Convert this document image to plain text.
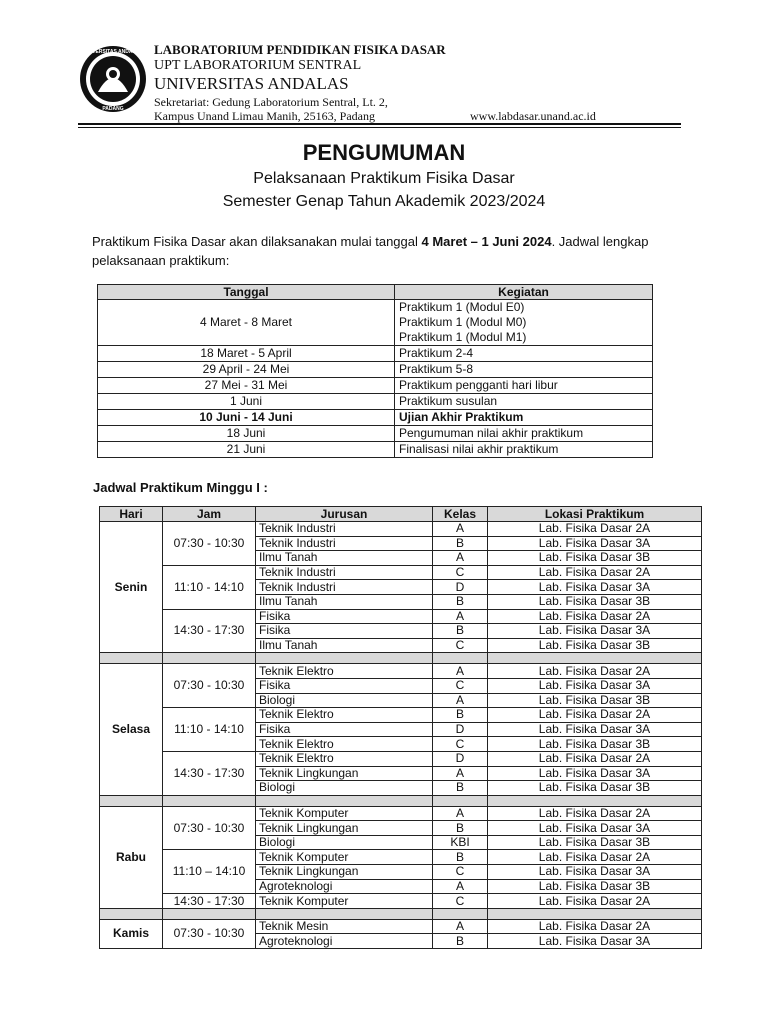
UNIVERSITAS ANDALAS
PADANG
LABORATORIUM PENDIDIKAN FISIKA DASAR
UPT LABORATORIUM SENTRAL
UNIVERSITAS ANDALAS
Sekretariat: Gedung Laboratorium Sentral, Lt. 2,
Kampus Unand Limau Manih, 25163, Padang	www.labdasar.unand.ac.id
PENGUMUMAN
Pelaksanaan Praktikum Fisika Dasar
Semester Genap Tahun Akademik 2023/2024
Praktikum Fisika Dasar akan dilaksanakan mulai tanggal 4 Maret – 1 Juni 2024. Jadwal lengkap pelaksanaan praktikum:
Tanggal	Kegiatan
4 Maret - 8 Maret	Praktikum 1 (Modul E0)
Praktikum 1 (Modul M0)
Praktikum 1 (Modul M1)

18 Maret - 5 April	Praktikum 2-4

29 April - 24 Mei	Praktikum 5-8

27 Mei - 31 Mei	Praktikum pengganti hari libur

1 Juni	Praktikum susulan

10 Juni - 14 Juni	Ujian Akhir Praktikum

18 Juni	Pengumuman nilai akhir praktikum

21 Juni	Finalisasi nilai akhir praktikum
Jadwal Praktikum Minggu I :
Hari	Jam	Jurusan	Kelas	Lokasi Praktikum
Senin	07:30 - 10:30	Teknik Industri	A	Lab. Fisika Dasar 2A
		Teknik Industri	B	Lab. Fisika Dasar 3A
		Ilmu Tanah	A	Lab. Fisika Dasar 3B
	11:10 - 14:10	Teknik Industri	C	Lab. Fisika Dasar 2A
		Teknik Industri	D	Lab. Fisika Dasar 3A
		Ilmu Tanah	B	Lab. Fisika Dasar 3B
	14:30 - 17:30	Fisika	A	Lab. Fisika Dasar 2A
		Fisika	B	Lab. Fisika Dasar 3A
		Ilmu Tanah	C	Lab. Fisika Dasar 3B

Selasa	07:30 - 10:30	Teknik Elektro	A	Lab. Fisika Dasar 2A
		Fisika	C	Lab. Fisika Dasar 3A
		Biologi	A	Lab. Fisika Dasar 3B
	11:10 - 14:10	Teknik Elektro	B	Lab. Fisika Dasar 2A
		Fisika	D	Lab. Fisika Dasar 3A
		Teknik Elektro	C	Lab. Fisika Dasar 3B
	14:30 - 17:30	Teknik Elektro	D	Lab. Fisika Dasar 2A
		Teknik Lingkungan	A	Lab. Fisika Dasar 3A
		Biologi	B	Lab. Fisika Dasar 3B

Rabu	07:30 - 10:30	Teknik Komputer	A	Lab. Fisika Dasar 2A
		Teknik Lingkungan	B	Lab. Fisika Dasar 3A
		Biologi	KBI	Lab. Fisika Dasar 3B
	11:10 – 14:10	Teknik Komputer	B	Lab. Fisika Dasar 2A
		Teknik Lingkungan	C	Lab. Fisika Dasar 3A
		Agroteknologi	A	Lab. Fisika Dasar 3B
	14:30 - 17:30	Teknik Komputer	C	Lab. Fisika Dasar 2A

Kamis	07:30 - 10:30	Teknik Mesin	A	Lab. Fisika Dasar 2A
		Agroteknologi	B	Lab. Fisika Dasar 3A
